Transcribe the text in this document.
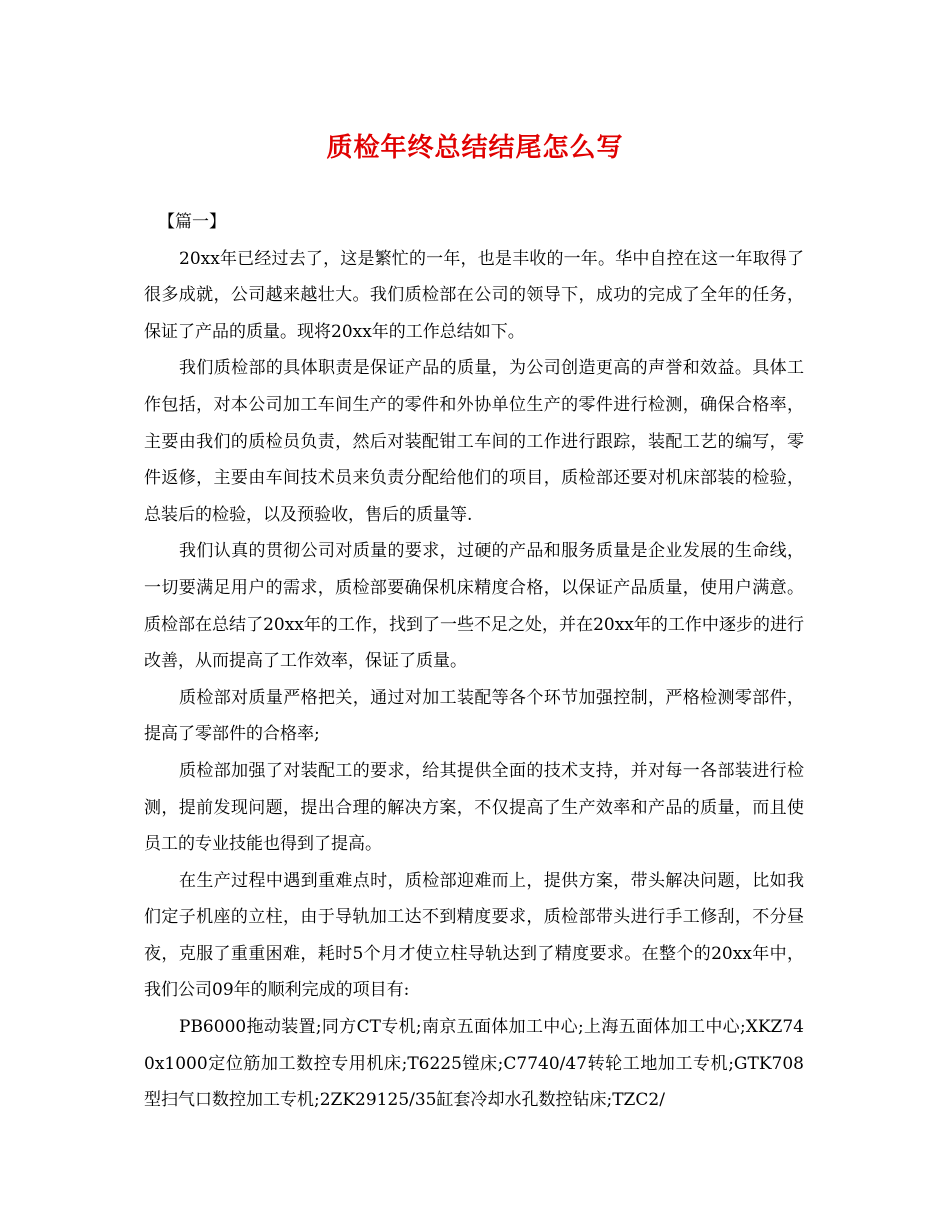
质检年终总结结尾怎么写

【篇一】

20xx年已经过去了，这是繁忙的一年，也是丰收的一年。华中自控在这一年取得了很多成就，公司越来越壮大。我们质检部在公司的领导下，成功的完成了全年的任务，保证了产品的质量。现将20xx年的工作总结如下。

我们质检部的具体职责是保证产品的质量，为公司创造更高的声誉和效益。具体工作包括，对本公司加工车间生产的零件和外协单位生产的零件进行检测，确保合格率，主要由我们的质检员负责，然后对装配钳工车间的工作进行跟踪，装配工艺的编写，零件返修，主要由车间技术员来负责分配给他们的项目，质检部还要对机床部装的检验，总装后的检验，以及预验收，售后的质量等.

我们认真的贯彻公司对质量的要求，过硬的产品和服务质量是企业发展的生命线，一切要满足用户的需求，质检部要确保机床精度合格，以保证产品质量，使用户满意。质检部在总结了20xx年的工作，找到了一些不足之处，并在20xx年的工作中逐步的进行改善，从而提高了工作效率，保证了质量。

质检部对质量严格把关，通过对加工装配等各个环节加强控制，严格检测零部件，提高了零部件的合格率;

质检部加强了对装配工的要求，给其提供全面的技术支持，并对每一各部装进行检测，提前发现问题，提出合理的解决方案，不仅提高了生产效率和产品的质量，而且使员工的专业技能也得到了提高。

在生产过程中遇到重难点时，质检部迎难而上，提供方案，带头解决问题，比如我们定子机座的立柱，由于导轨加工达不到精度要求，质检部带头进行手工修刮，不分昼夜，克服了重重困难，耗时5个月才使立柱导轨达到了精度要求。在整个的20xx年中，我们公司09年的顺利完成的项目有:

PB6000拖动装置;同方CT专机;南京五面体加工中心;上海五面体加工中心;XKZ740x1000定位筋加工数控专用机床;T6225镗床;C7740/47转轮工地加工专机;GTK708型扫气口数控加工专机;2ZK29125/35缸套冷却水孔数控钻床;TZC2/
